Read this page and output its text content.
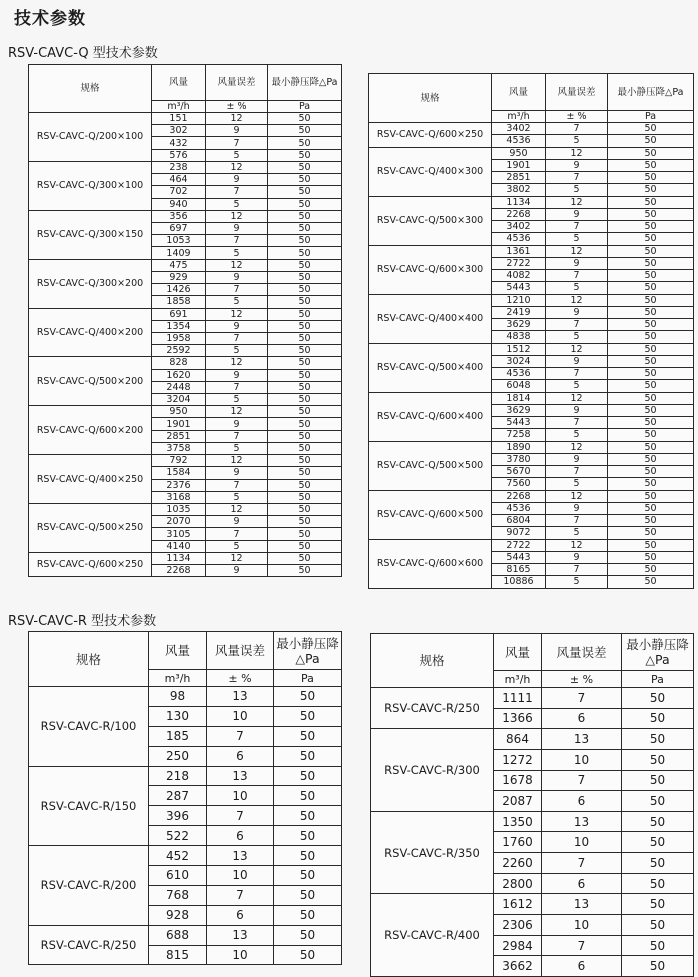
技术参数
RSV-CAVC-Q 型技术参数
规格	风量	风量误差	最小静压降△Pa
	m³/h	± %	Pa
RSV-CAVC-Q/200×100	151	12	50
	302	9	50
	432	7	50
	576	5	50
RSV-CAVC-Q/300×100	238	12	50
	464	9	50
	702	7	50
	940	5	50
RSV-CAVC-Q/300×150	356	12	50
	697	9	50
	1053	7	50
	1409	5	50
RSV-CAVC-Q/300×200	475	12	50
	929	9	50
	1426	7	50
	1858	5	50
RSV-CAVC-Q/400×200	691	12	50
	1354	9	50
	1958	7	50
	2592	5	50
RSV-CAVC-Q/500×200	828	12	50
	1620	9	50
	2448	7	50
	3204	5	50
RSV-CAVC-Q/600×200	950	12	50
	1901	9	50
	2851	7	50
	3758	5	50
RSV-CAVC-Q/400×250	792	12	50
	1584	9	50
	2376	7	50
	3168	5	50
RSV-CAVC-Q/500×250	1035	12	50
	2070	9	50
	3105	7	50
	4140	5	50
RSV-CAVC-Q/600×250	1134	12	50
	2268	9	50
规格	风量	风量误差	最小静压降△Pa
	m³/h	± %	Pa
RSV-CAVC-Q/600×250	3402	7	50
	4536	5	50
RSV-CAVC-Q/400×300	950	12	50
	1901	9	50
	2851	7	50
	3802	5	50
RSV-CAVC-Q/500×300	1134	12	50
	2268	9	50
	3402	7	50
	4536	5	50
RSV-CAVC-Q/600×300	1361	12	50
	2722	9	50
	4082	7	50
	5443	5	50
RSV-CAVC-Q/400×400	1210	12	50
	2419	9	50
	3629	7	50
	4838	5	50
RSV-CAVC-Q/500×400	1512	12	50
	3024	9	50
	4536	7	50
	6048	5	50
RSV-CAVC-Q/600×400	1814	12	50
	3629	9	50
	5443	7	50
	7258	5	50
RSV-CAVC-Q/500×500	1890	12	50
	3780	9	50
	5670	7	50
	7560	5	50
RSV-CAVC-Q/600×500	2268	12	50
	4536	9	50
	6804	7	50
	9072	5	50
RSV-CAVC-Q/600×600	2722	12	50
	5443	9	50
	8165	7	50
	10886	5	50
RSV-CAVC-R 型技术参数
规格	风量	风量误差	最小静压降△Pa
	m³/h	± %	Pa
RSV-CAVC-R/100	98	13	50
	130	10	50
	185	7	50
	250	6	50
RSV-CAVC-R/150	218	13	50
	287	10	50
	396	7	50
	522	6	50
RSV-CAVC-R/200	452	13	50
	610	10	50
	768	7	50
	928	6	50
RSV-CAVC-R/250	688	13	50
	815	10	50
规格	风量	风量误差	最小静压降△Pa
	m³/h	± %	Pa
RSV-CAVC-R/250	1111	7	50
	1366	6	50
RSV-CAVC-R/300	864	13	50
	1272	10	50
	1678	7	50
	2087	6	50
RSV-CAVC-R/350	1350	13	50
	1760	10	50
	2260	7	50
	2800	6	50
RSV-CAVC-R/400	1612	13	50
	2306	10	50
	2984	7	50
	3662	6	50
